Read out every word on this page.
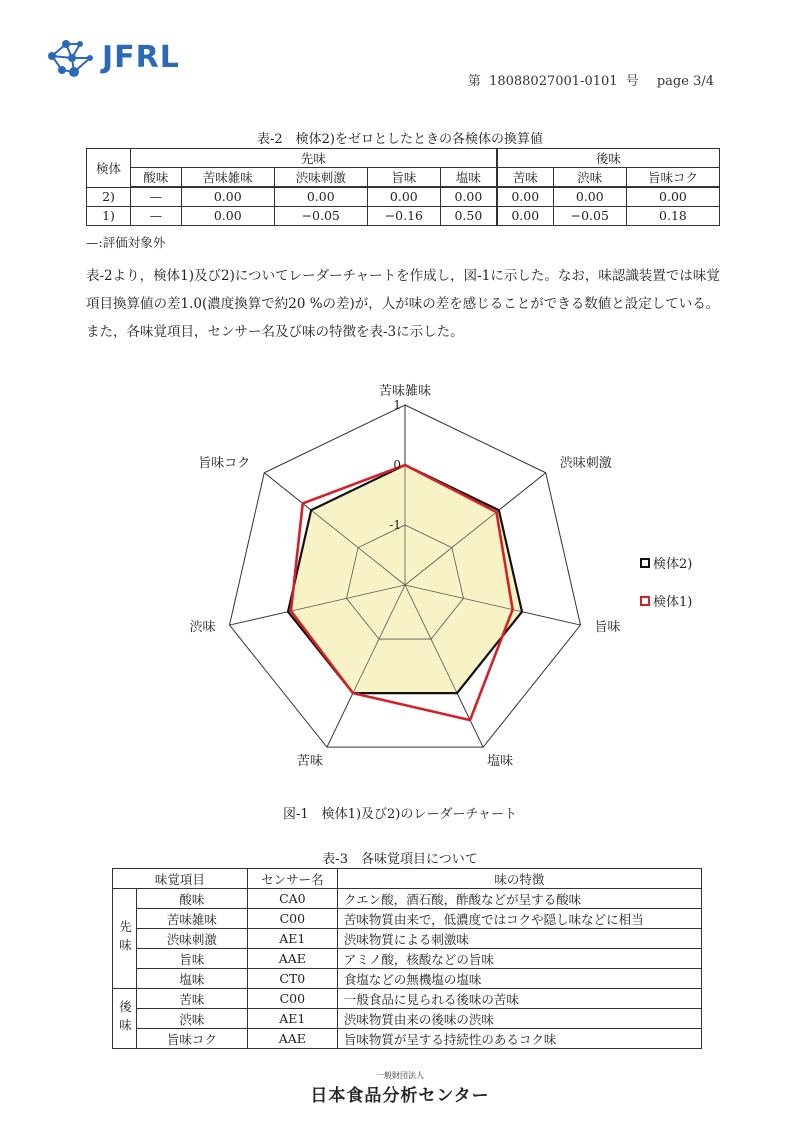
JFRL
第 18088027001-0101 号 page 3/4
表-2　検体2)をゼロとしたときの各検体の換算値
検体	先味					後味		
	酸味	苦味雑味	渋味刺激	旨味	塩味	苦味	渋味	旨味コク
2)	—	0.00	0.00	0.00	0.00	0.00	0.00	0.00
1)	—	0.00	−0.05	−0.16	0.50	0.00	−0.05	0.18
—:評価対象外
表-2より，検体1)及び2)についてレーダーチャートを作成し，図-1に示した。なお，味認識装置では味覚項目換算値の差1.0(濃度換算で約20 %の差)が，人が味の差を感じることができる数値と設定している。また，各味覚項目，センサー名及び味の特徴を表-3に示した。
1
0
-1
苦味雑味
渋味刺激
旨味
塩味
苦味
渋味
旨味コク
検体2)
検体1)
図-1　検体1)及び2)のレーダーチャート
表-3　各味覚項目について
味覚項目		センサー名	味の特徴
先味	酸味	CA0	クエン酸，酒石酸，酢酸などが呈する酸味
	苦味雑味	C00	苦味物質由来で，低濃度ではコクや隠し味などに相当
	渋味刺激	AE1	渋味物質による刺激味
	旨味	AAE	アミノ酸，核酸などの旨味
	塩味	CT0	食塩などの無機塩の塩味
後味	苦味	C00	一般食品に見られる後味の苦味
	渋味	AE1	渋味物質由来の後味の渋味
	旨味コク	AAE	旨味物質が呈する持続性のあるコク味
一般財団法人
日本食品分析センター
